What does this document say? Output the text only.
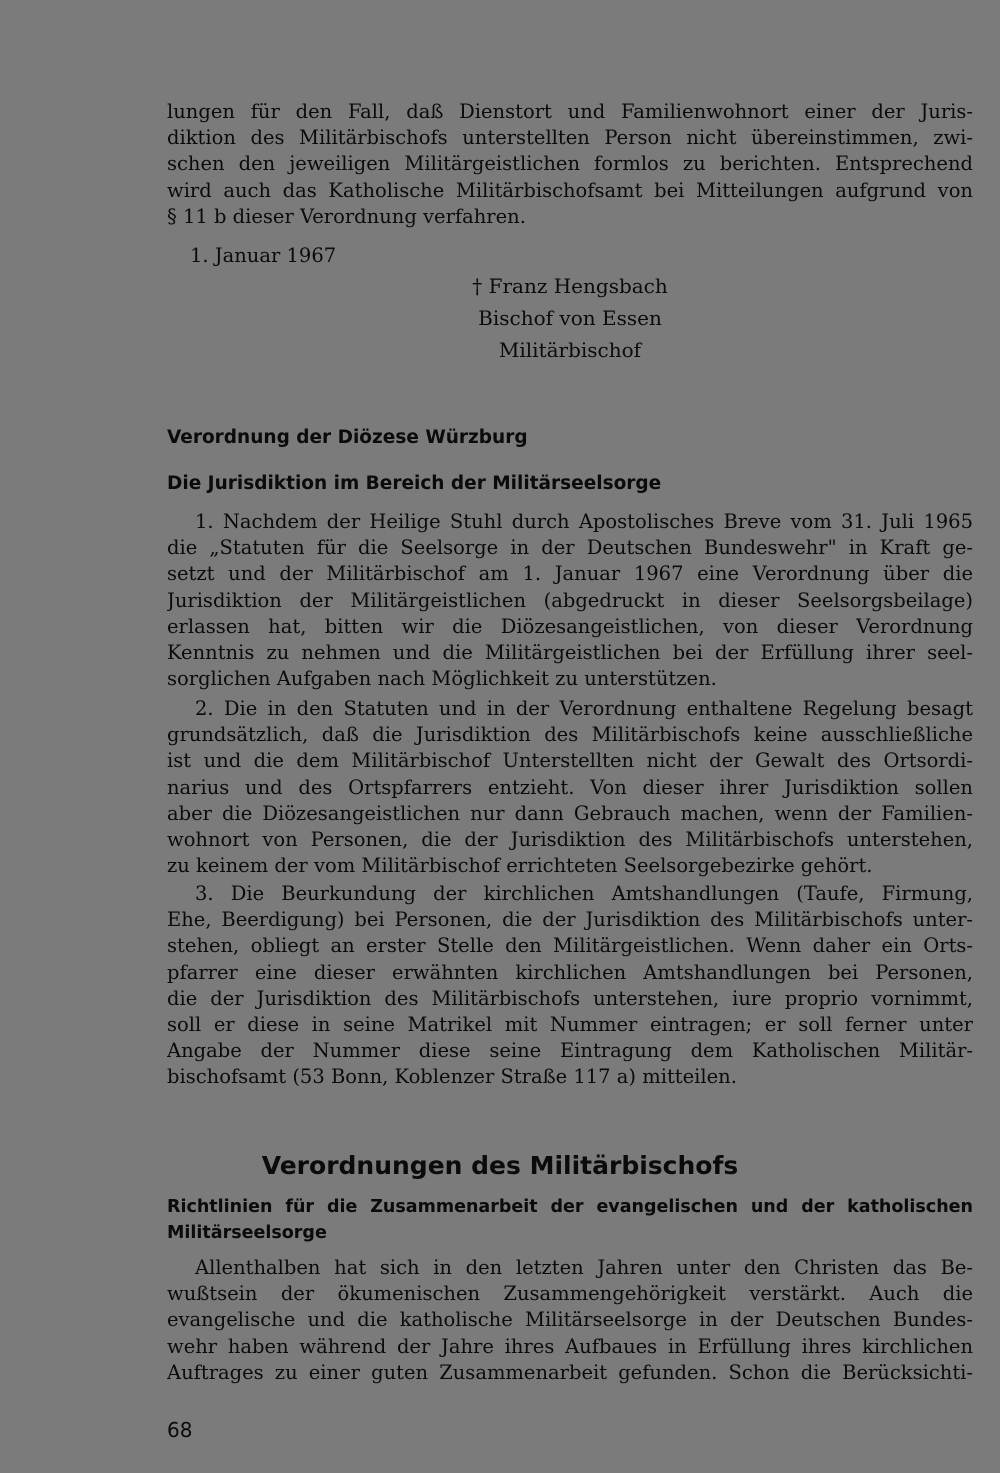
lungen für den Fall, daß Dienstort und Familienwohnort einer der Juris-

diktion des Militärbischofs unterstellten Person nicht übereinstimmen, zwi-

schen den jeweiligen Militärgeistlichen formlos zu berichten. Entsprechend

wird auch das Katholische Militärbischofsamt bei Mitteilungen aufgrund von

§ 11 b dieser Verordnung verfahren.

1. Januar 1967
† Franz Hengsbach
Bischof von Essen
Militärbischof
Verordnung der Diözese Würzburg
Die Jurisdiktion im Bereich der Militärseelsorge

1. Nachdem der Heilige Stuhl durch Apostolisches Breve vom 31. Juli 1965

die „Statuten für die Seelsorge in der Deutschen Bundeswehr" in Kraft ge-

setzt und der Militärbischof am 1. Januar 1967 eine Verordnung über die

Jurisdiktion der Militärgeistlichen (abgedruckt in dieser Seelsorgsbeilage)

erlassen hat, bitten wir die Diözesangeistlichen, von dieser Verordnung

Kenntnis zu nehmen und die Militärgeistlichen bei der Erfüllung ihrer seel-

sorglichen Aufgaben nach Möglichkeit zu unterstützen.

2. Die in den Statuten und in der Verordnung enthaltene Regelung besagt

grundsätzlich, daß die Jurisdiktion des Militärbischofs keine ausschließliche

ist und die dem Militärbischof Unterstellten nicht der Gewalt des Ortsordi-

narius und des Ortspfarrers entzieht. Von dieser ihrer Jurisdiktion sollen

aber die Diözesangeistlichen nur dann Gebrauch machen, wenn der Familien-

wohnort von Personen, die der Jurisdiktion des Militärbischofs unterstehen,

zu keinem der vom Militärbischof errichteten Seelsorgebezirke gehört.

3. Die Beurkundung der kirchlichen Amtshandlungen (Taufe, Firmung,

Ehe, Beerdigung) bei Personen, die der Jurisdiktion des Militärbischofs unter-

stehen, obliegt an erster Stelle den Militärgeistlichen. Wenn daher ein Orts-

pfarrer eine dieser erwähnten kirchlichen Amtshandlungen bei Personen,

die der Jurisdiktion des Militärbischofs unterstehen, iure proprio vornimmt,

soll er diese in seine Matrikel mit Nummer eintragen; er soll ferner unter

Angabe der Nummer diese seine Eintragung dem Katholischen Militär-

bischofsamt (53 Bonn, Koblenzer Straße 117 a) mitteilen.

Verordnungen des Militärbischofs

Richtlinien für die Zusammenarbeit der evangelischen und der katholischen

Militärseelsorge

Allenthalben hat sich in den letzten Jahren unter den Christen das Be-

wußtsein der ökumenischen Zusammengehörigkeit verstärkt. Auch die

evangelische und die katholische Militärseelsorge in der Deutschen Bundes-

wehr haben während der Jahre ihres Aufbaues in Erfüllung ihres kirchlichen

Auftrages zu einer guten Zusammenarbeit gefunden. Schon die Berücksichti-

68
